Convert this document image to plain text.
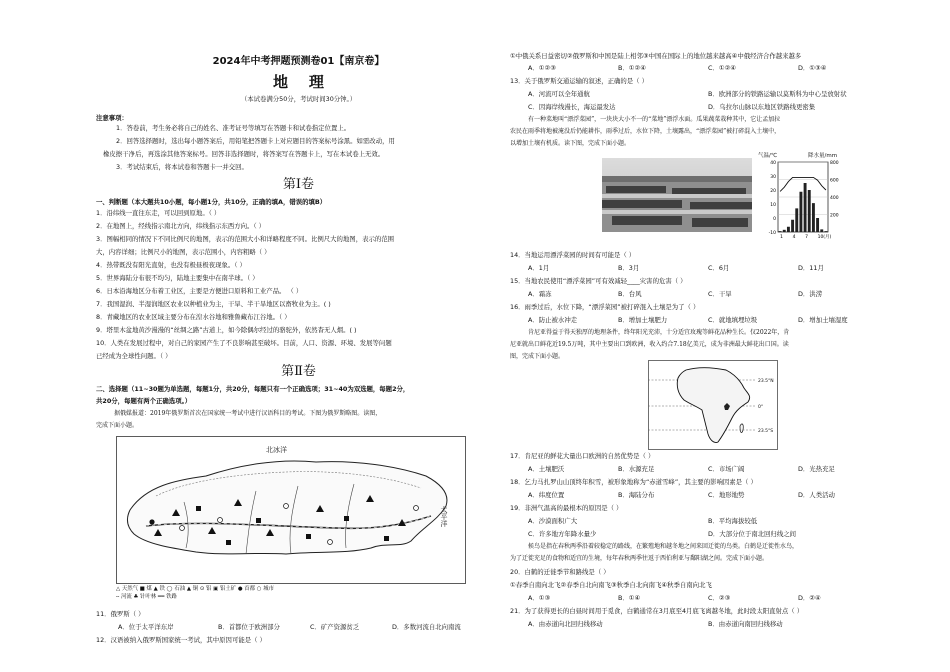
2024年中考押题预测卷01【南京卷】
地    理
（本试卷满分50分，考试时间30分钟。）
注意事项：
1．答卷前，考生务必将自己的姓名、准考证号等填写在答题卡和试卷指定位置上。
2．回答选择题时，选出每小题答案后，用铅笔把答题卡上对应题目的答案标号涂黑。如需改动，用
橡皮擦干净后，再选涂其他答案标号。回答非选择题时，将答案写在答题卡上，写在本试卷上无效。
3．考试结束后，将本试卷和答题卡一并交回。
第Ⅰ卷
一、判断题（本大题共10小题，每小题1分，共10分，正确的填A，错误的填B）
1．沿纬线一直往东走，可以回到原地。（ ）
2．在地图上，经线指示南北方向，纬线指示东西方向。（ ）
3．图幅相同的情况下不同比例尺的地图，表示的范围大小和详略程度不同。比例尺大的地图，表示的范围
大，内容详细；比例尺小的地图，表示范围小，内容粗略（ ）
4．热带既没有阳光直射，也没有极昼极夜现象。（ ）
5．世界海陆分布很不均匀，陆地主要集中在南半球。（ ）
6．日本沿海地区分布着工业区，主要是方便进口原料和工业产品。 （ ）
7．我国湿润、半湿润地区农业以种植业为主，干旱、半干旱地区以畜牧业为主。( )
8．青藏地区的农业区域主要分布在湟水谷地和雅鲁藏布江谷地。（ ）
9．塔里木盆地黄沙漫漫的“丝绸之路”古道上，如今除偶尔经过的骆驼外，依然杳无人烟。( )
10．人类在发展过程中，对自己的家园产生了不良影响甚至破坏。目前，人口、资源、环境、发展等问题
已经成为全球性问题。（ ）
第Ⅱ卷
二、选择题（11~30题为单选题，每题1分，共20分，每题只有一个正确选项；31~40为双选题，每题2分，
共20分，每题有两个正确选项。）
据俄媒报道：2019年俄罗斯首次在国家统一考试中进行汉语科目的考试。下图为俄罗斯略图。读图，
完成下面小题。
北冰洋
太平洋
△ 天然气 ■ 煤 ▲ 铁 ◯ 石油 ▲ 铜 ⊙ 铝 ▣ 铝土矿 ● 首都 ○ 城市
╌ 河流 ♣ 针叶林 ━━ 铁路
11．俄罗斯（ ）
A．位于太平洋东岸	B．首都位于欧洲部分	C．矿产资源贫乏	D．多数河流自北向南流
12．汉语被纳入俄罗斯国家统一考试，其中原因可能是（ ）
①中俄关系日益密切②俄罗斯和中国是陆上相邻③中国在国际上的地位越来越高④中俄经济合作越来越多
A．①②③	B．①②④	C．①②④	D．①③④
13．关于俄罗斯交通运输的叙述，正确的是（ ）
A．河流可以全年通航	B．欧洲部分的铁路运输以莫斯科为中心呈放射状
C．因海岸线漫长，海运最发达	D．乌拉尔山脉以东地区铁路线更密集
有一种菜地叫“漂浮菜园”，一块块大小不一的“菜地”漂浮水面。瓜果蔬菜栽种其中，它让孟加拉
农民在雨季将地被淹没后仍能耕作，雨季过后，水位下降，土壤露出，“漂浮菜园”被打碎混入土壤中，
以增加土壤有机质。读下图，完成下面小题。
气温/℃	降水量/mm
40
30
20
10
0
-10
800
600
400
200
1 4 7 10(月)
14．当地运用漂浮菜园的时间有可能是（ ）
A．1月	B．3月	C．6月	D．11月
15．当地农民使用“漂浮菜园”可有效减轻____灾害的危害（ ）
A．霜冻	B．台风	C．干旱	D．洪涝
16．雨季过后，水位下降，“漂浮菜园”被打碎混入土壤是为了（ ）
A．防止被水冲走	B．增加土壤肥力	C．就地填埋垃圾	D．增加土壤湿度
肯尼亚得益于得天独厚的地理条件，终年阳光充沛，十分适宜玫瑰等鲜花品种生长。仅2022年，肯
尼亚就出口鲜花近19.5万吨，其中主要出口到欧洲，收入约合7.18亿美元，成为非洲最大鲜花出口国。读
图，完成下面小题。
23.5°N
0°
23.5°S
17．肯尼亚的鲜花大量出口欧洲的自然优势是（ ）
A．土壤肥沃	B．水源充足	C．市场广阔	D．光热充足
18．乞力马扎罗山山顶终年积雪，被形象地称为“赤道雪峰”，其主要的影响因素是（ ）
A．纬度位置	B．海陆分布	C．地形地势	D．人类活动
19．非洲气温高的最根本的原因是（ ）
A．沙漠面积广大	B．平均海拔较低
C．许多地方年降水量少	D．大部分位于南北回归线之间
候鸟是指在春秋两季沿着较稳定的路线，在繁殖地和越冬地之间来回迁徙的鸟类。白鹤是迁徙性水鸟，
为了迁徙充足的食物和适宜的生境，每年春秋两季往返于西伯利亚与鄱阳湖之间。完成下面小题。
20．白鹤的迁徙季节和路线是（ ）
①春季自南向北飞②春季自北向南飞③秋季自北向南飞④秋季自南向北飞
A．①③	B．①④	C．②③	D．②④
21．为了获得更长的白昼时间用于觅食，白鹤通常在3月底至4月底飞离越冬地，此时段太阳直射点（ ）
A．由赤道向北回归线移动	B．由赤道向南回归线移动
